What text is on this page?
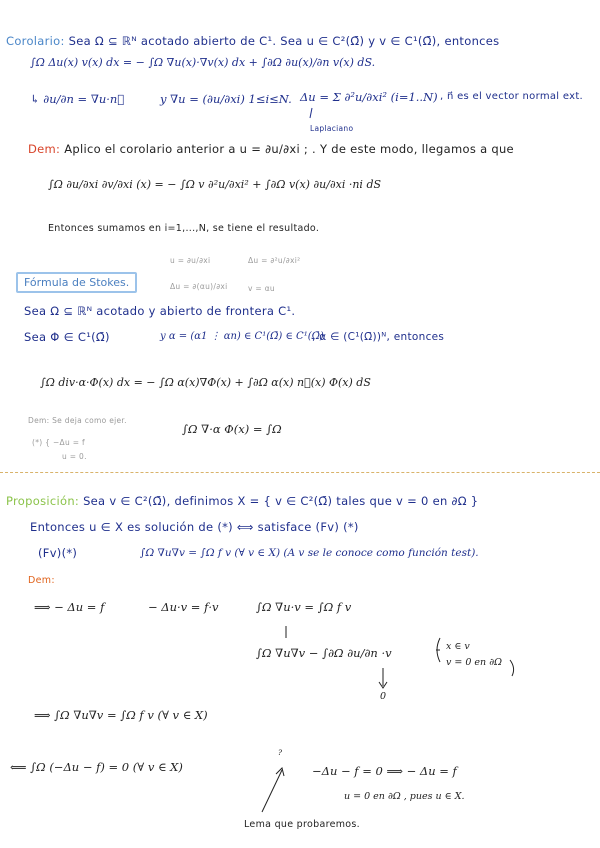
Corolario: Sea Ω ⊆ ℝᴺ acotado abierto de C¹. Sea u ∈ C²(Ω̄) y v ∈ C¹(Ω̄), entonces
∫Ω Δu(x) v(x) dx = − ∫Ω ∇u(x)·∇v(x) dx + ∫∂Ω ∂u(x)/∂n v(x) dS.
↳ ∂u/∂n = ∇u·n⃗	y ∇u = (∂u/∂xi) 1≤i≤N. Δu = Σ ∂²u/∂xi² (i=1..N) , n⃗ es el vector normal ext.
Laplaciano
Dem: Aplico el corolario anterior a u = ∂u/∂xi ; . Y de este modo, llegamos a que
∫Ω ∂u/∂xi ∂v/∂xi (x) = − ∫Ω v ∂²u/∂xi² + ∫∂Ω v(x) ∂u/∂xi ·ni dS
Entonces sumamos en i=1,...,N, se tiene el resultado.
u = ∂u/∂xi	Δu = ∂²u/∂xi²
Δu = ∂(αu)/∂xi	v = αu
Fórmula de Stokes.
Sea Ω ⊆ ℝᴺ acotado y abierto de frontera C¹.
Sea Φ ∈ C¹(Ω̄)	y α = (α1 ⋮ αn) ∈ C¹(Ω̄) ∈ C¹(Ω̄)
, α ∈ (C¹(Ω̄))ᴺ, entonces
∫Ω div·α·Φ(x) dx = − ∫Ω α(x)∇Φ(x) + ∫∂Ω α(x) n⃗(x) Φ(x) dS
Dem: Se deja como ejer.
(*) { −Δu = f
u = 0.
∫Ω ∇·α Φ(x) = ∫Ω
Proposición: Sea v ∈ C²(Ω̄), definimos X = { v ∈ C²(Ω̄) tales que v = 0 en ∂Ω }
Entonces u ∈ X es solución de (*) ⟺ satisface (Fv) (*)
(Fv)(*)	∫Ω ∇u∇v = ∫Ω f v (∀ v ∈ X) (A v se le conoce como función test).
Dem:
⟹ − Δu = f	− Δu·v = f·v	∫Ω ∇u·v = ∫Ω f v
∫Ω ∇u∇v − ∫∂Ω ∂u/∂n ·v	x ∈ v
v = 0 en ∂Ω
0
⟹ ∫Ω ∇u∇v = ∫Ω f v (∀ v ∈ X)
⟸ ∫Ω (−Δu − f) = 0 (∀ v ∈ X)
?
−Δu − f = 0 ⟹ − Δu = f
u = 0 en ∂Ω , pues u ∈ X.
Lema que probaremos.
